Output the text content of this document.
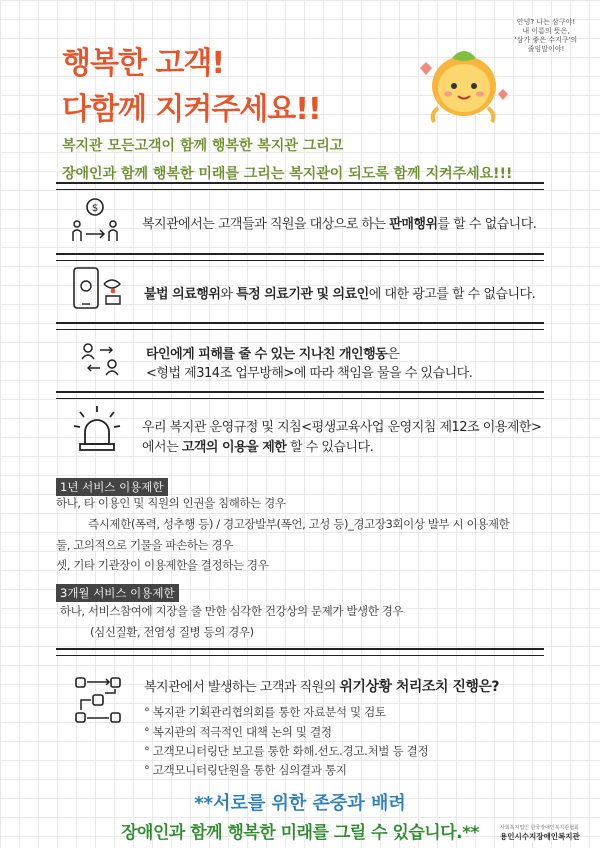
안녕? 나는 삼구야!
내 이름의 뜻은,
'삼가 좋은 수지구'의
줄임말이야!
행복한 고객!
다함께 지켜주세요!!
복지관 모든고객이 함께 행복한 복지관 그리고
장애인과 함께 행복한 미래를 그리는 복지관이 되도록 함께 지켜주세요!!!
$
복지관에서는 고객들과 직원을 대상으로 하는 판매행위를 할 수 없습니다.
불법 의료행위와 특정 의료기관 및 의료인에 대한 광고를 할 수 없습니다.
타인에게 피해를 줄 수 있는 지나친 개인행동은
<형법 제314조 업무방해>에 따라 책임을 물을 수 있습니다.
우리 복지관 운영규정 및 지침<평생교육사업 운영지침 제12조 이용제한>
에서는 고객의 이용을 제한 할 수 있습니다.
1년 서비스 이용제한
하나, 타 이용인 및 직원의 인권을 침해하는 경우
즉시제한(폭력, 성추행 등) / 경고장발부(폭언, 고성 등)_경고장3회이상 발부 시 이용제한
둘, 고의적으로 기물을 파손하는 경우
셋, 기타 기관장이 이용제한을 결정하는 경우
3개월 서비스 이용제한
하나, 서비스참여에 지장을 줄 만한 심각한 건강상의 문제가 발생한 경우
(심신질환, 전염성 질병 등의 경우)
복지관에서 발생하는 고객과 직원의 위기상황 처리조치 진행은?
° 복지관 기획관리협의회를 통한 자료분석 및 검토
° 복지관의 적극적인 대책 논의 및 결정
° 고객모니터링단 보고를 통한 화해.선도.경고.처벌 등 결정
° 고객모니터링단원을 통한 심의결과 통지
**서로를 위한 존중과 배려
장애인과 함께 행복한 미래를 그릴 수 있습니다.**	사회복지법인 한국장애인복지관협회
용인시수지장애인복지관
